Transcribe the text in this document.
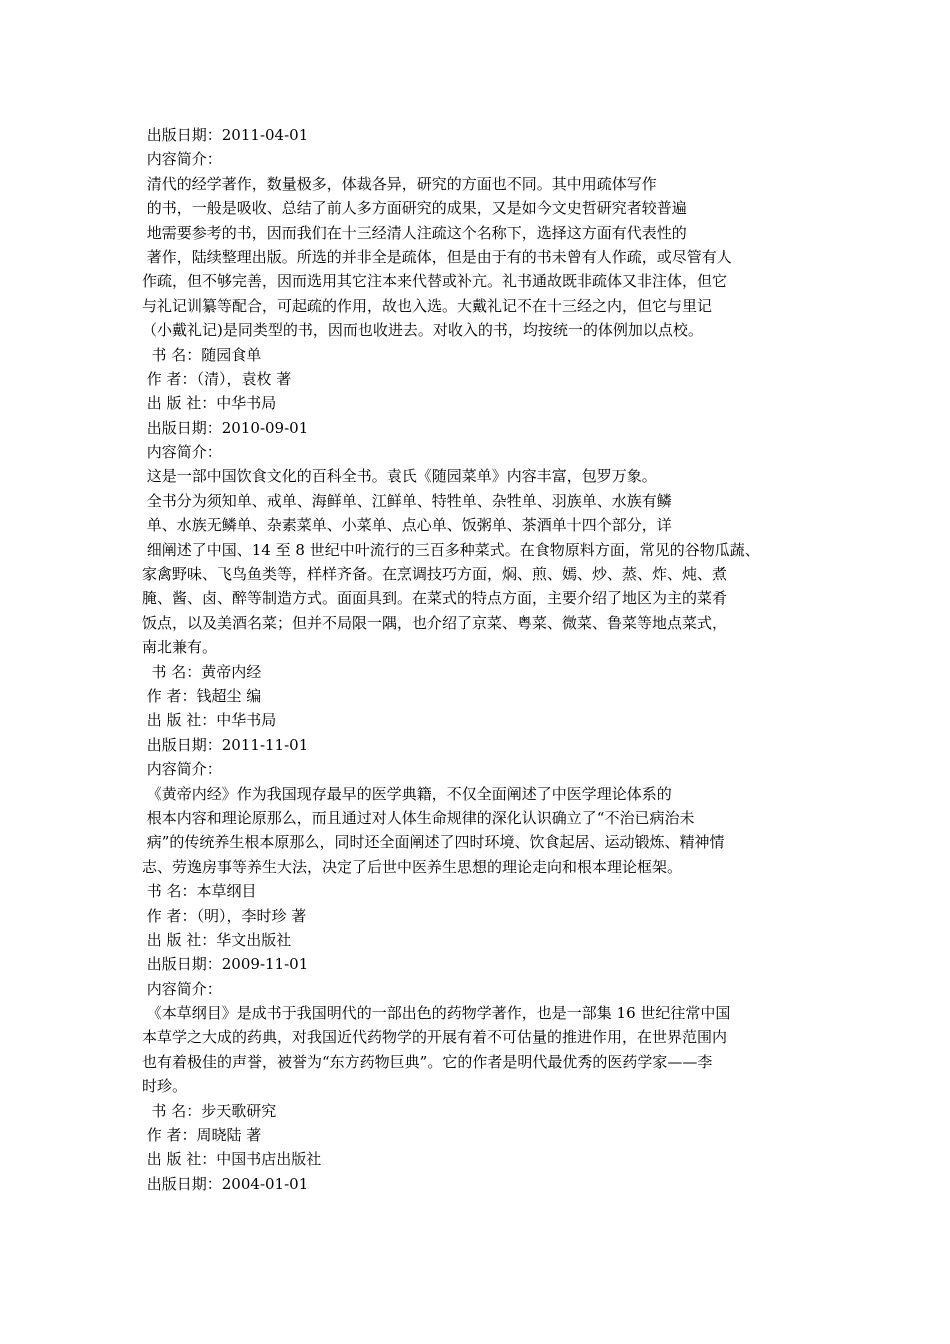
出版日期：2011-04-01
内容简介：
清代的经学著作，数量极多，体裁各异，研究的方面也不同。其中用疏体写作
的书，一般是吸收、总结了前人多方面研究的成果，又是如今文史哲研究者较普遍
地需要参考的书，因而我们在十三经清人注疏这个名称下，选择这方面有代表性的
著作，陆续整理出版。所选的并非全是疏体，但是由于有的书未曾有人作疏，或尽管有人
作疏，但不够完善，因而选用其它注本来代替或补亢。礼书通故既非疏体又非注体，但它
与礼记训纂等配合，可起疏的作用，故也入选。大戴礼记不在十三经之内，但它与里记
（小戴礼记)是同类型的书，因而也收进去。对收入的书，均按统一的体例加以点校。
书 名：随园食单
作 者：（清），袁枚 著
出 版 社：中华书局
出版日期：2010-09-01
内容简介：
这是一部中国饮食文化的百科全书。袁氏《随园菜单》内容丰富，包罗万象。
全书分为须知单、戒单、海鲜单、江鲜单、特牲单、杂牲单、羽族单、水族有鳞
单、水族无鳞单、杂素菜单、小菜单、点心单、饭粥单、茶酒单十四个部分，详
细阐述了中国、14 至 8 世纪中叶流行的三百多种菜式。在食物原料方面，常见的谷物瓜蔬、
家禽野味、飞鸟鱼类等，样样齐备。在烹调技巧方面，焖、煎、嫣、炒、蒸、炸、炖、煮
腌、酱、卤、醉等制造方式。面面具到。在菜式的特点方面，主要介绍了地区为主的菜肴
饭点，以及美酒名菜；但并不局限一隅，也介绍了京菜、粤菜、微菜、鲁菜等地点菜式，
南北兼有。
书 名：黄帝内经
作 者：钱超尘 编
出 版 社：中华书局
出版日期：2011-11-01
内容简介：
《黄帝内经》作为我国现存最早的医学典籍，不仅全面阐述了中医学理论体系的
根本内容和理论原那么，而且通过对人体生命规律的深化认识确立了“不治已病治未
病”的传统养生根本原那么，同时还全面阐述了四时环境、饮食起居、运动锻炼、精神情
志、劳逸房事等养生大法，决定了后世中医养生思想的理论走向和根本理论框架。
书 名：本草纲目
作 者：（明），李时珍 著
出 版 社：华文出版社
出版日期：2009-11-01
内容简介：
《本草纲目》是成书于我国明代的一部出色的药物学著作，也是一部集 16 世纪往常中国
本草学之大成的药典，对我国近代药物学的开展有着不可估量的推进作用，在世界范围内
也有着极佳的声誉，被誉为“东方药物巨典”。它的作者是明代最优秀的医药学家——李
时珍。
书 名：步天歌研究
作 者：周晓陆 著
出 版 社：中国书店出版社
出版日期：2004-01-01
